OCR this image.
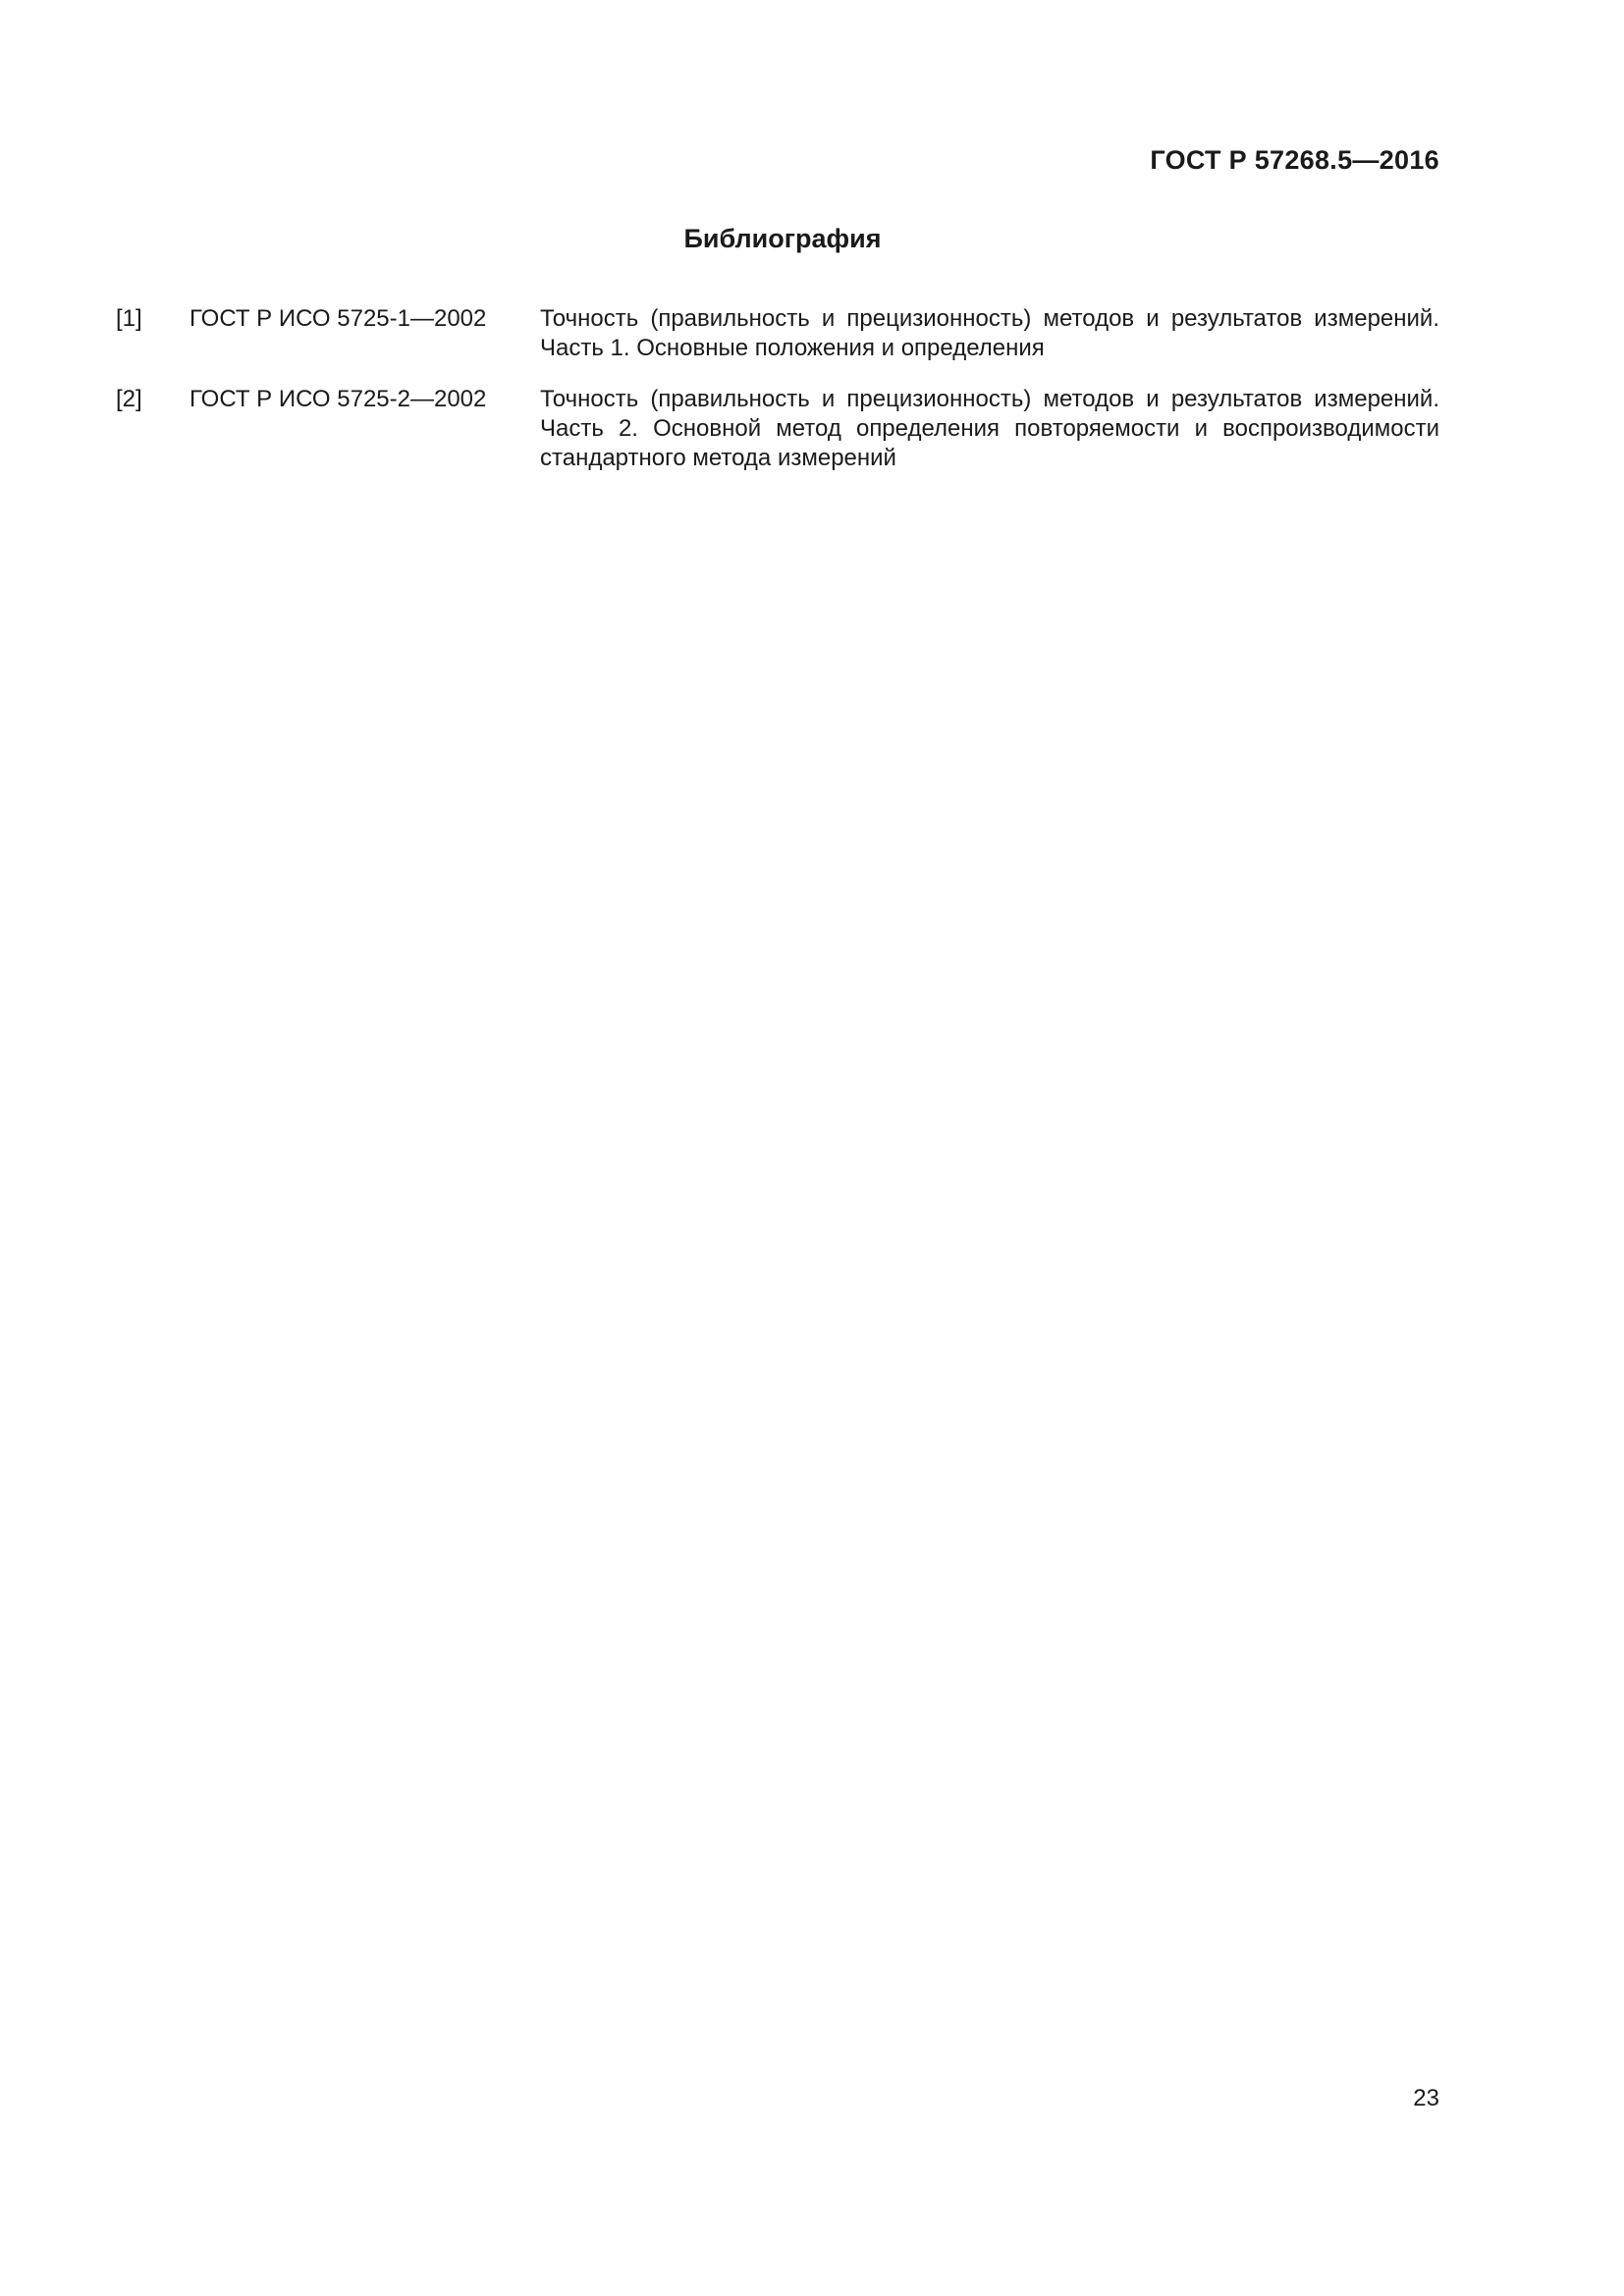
ГОСТ Р 57268.5—2016
Библиография
[1]	ГОСТ Р ИСО 5725-1—2002	Точность (правильность и прецизионность) методов и результатов измерений. Часть 1. Основные положения и определения
[2]	ГОСТ Р ИСО 5725-2—2002	Точность (правильность и прецизионность) методов и результатов измерений. Часть 2. Основной метод определения повторяемости и воспроизводимости стандартного метода измерений
23
